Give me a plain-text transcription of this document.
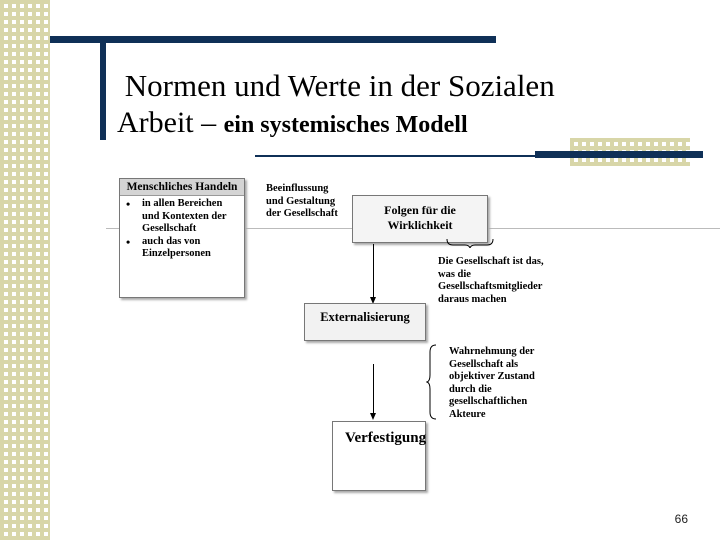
Normen und Werte in der Sozialen
Arbeit – ein systemisches Modell
Menschliches Handeln
• in allen Bereichen und Kontexten der Gesellschaft
• auch das von Einzelpersonen
Beeinflussung und Gestaltung der Gesellschaft	Folgen für die Wirklichkeit
Die Gesellschaft ist das, was die Gesellschaftsmitglieder daraus machen
Externalisierung
Wahrnehmung der Gesellschaft als objektiver Zustand durch die gesellschaftlichen Akteure
Verfestigung
66
